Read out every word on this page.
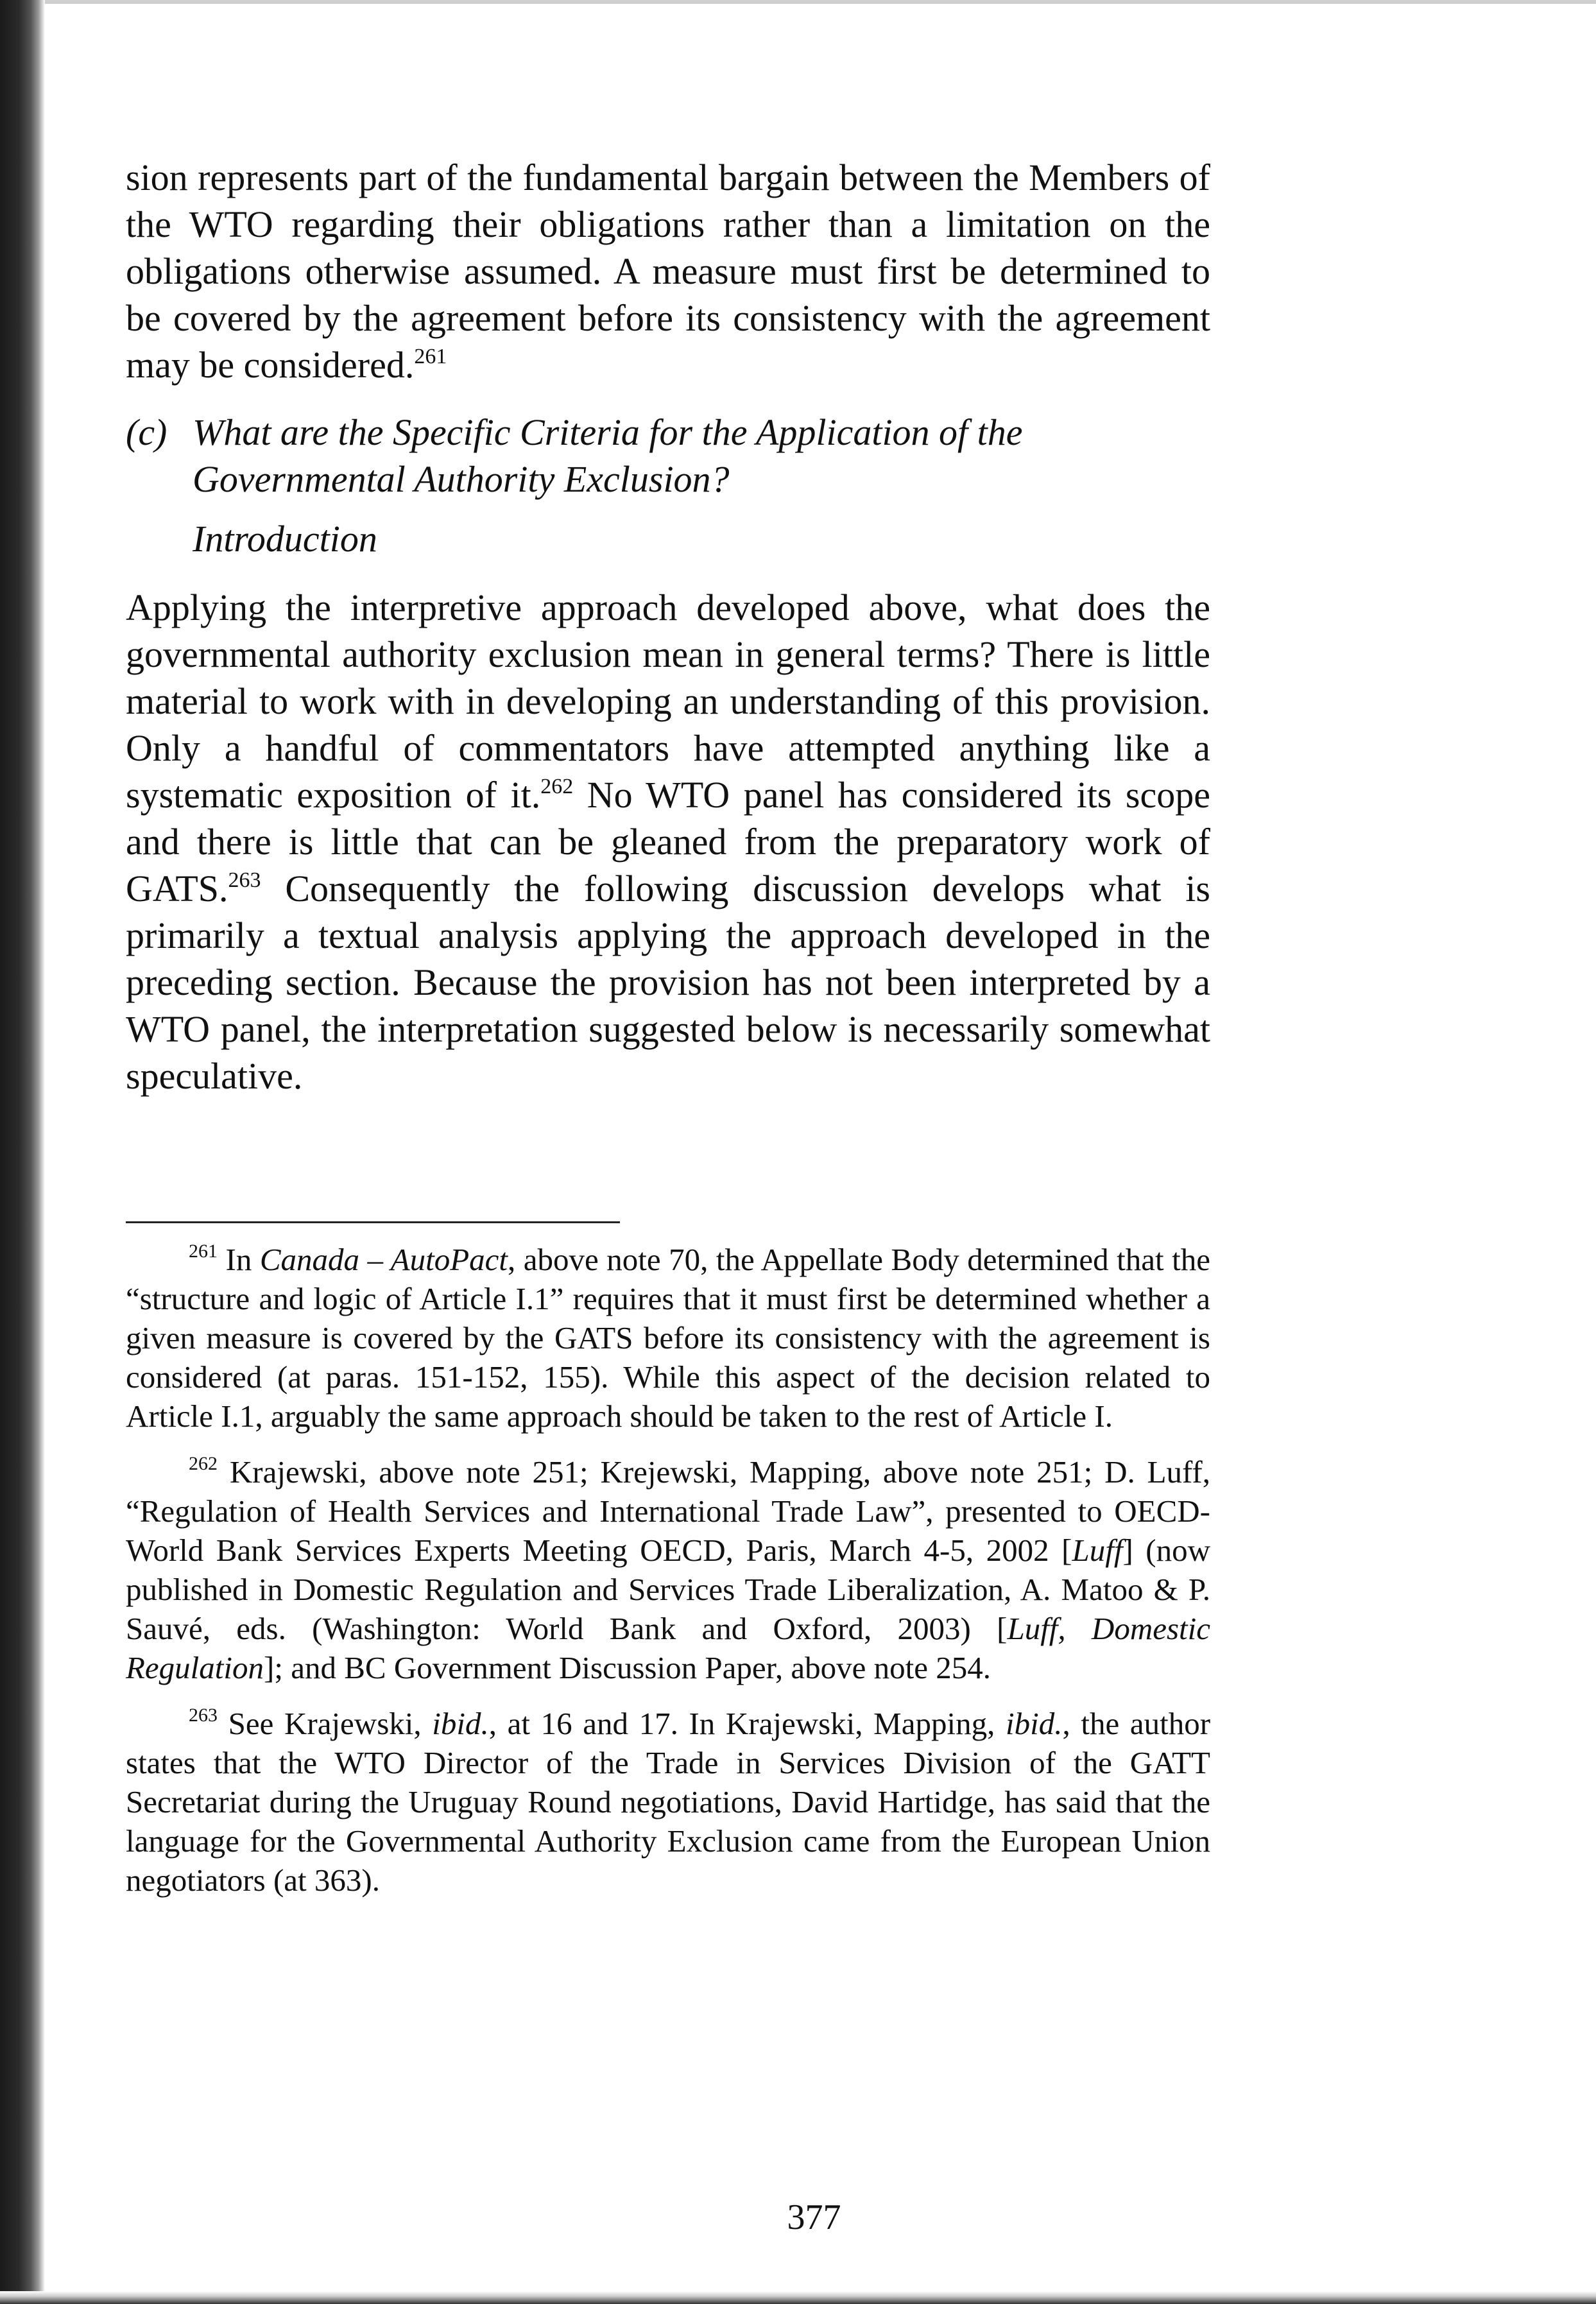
sion represents part of the fundamental bargain between the Members of the WTO regarding their obligations rather than a limitation on the obligations otherwise assumed. A measure must first be determined to be covered by the agreement before its consistency with the agreement may be considered.$^{261}$

(c) What are the Specific Criteria for the Application of the Governmental Authority Exclusion?

Introduction

Applying the interpretive approach developed above, what does the governmental authority exclusion mean in general terms? There is little material to work with in developing an understanding of this provision. Only a handful of commentators have attempted anything like a systematic exposition of it.$^{262}$ No WTO panel has considered its scope and there is little that can be gleaned from the preparatory work of GATS.$^{263}$ Consequently the following discussion develops what is primarily a textual analysis applying the approach developed in the preceding section. Because the provision has not been interpreted by a WTO panel, the interpretation suggested below is necessarily somewhat speculative.

$^{261}$ In Canada – AutoPact, above note 70, the Appellate Body determined that the “structure and logic of Article I.1” requires that it must first be determined whether a given measure is covered by the GATS before its consistency with the agreement is considered (at paras. 151-152, 155). While this aspect of the decision related to Article I.1, arguably the same approach should be taken to the rest of Article I.

$^{262}$ Krajewski, above note 251; Krejewski, Mapping, above note 251; D. Luff, “Regulation of Health Services and International Trade Law”, presented to OECD-World Bank Services Experts Meeting OECD, Paris, March 4-5, 2002 [Luff] (now published in Domestic Regulation and Services Trade Liberalization, A. Matoo & P. Sauvé, eds. (Washington: World Bank and Oxford, 2003) [Luff, Domestic Regulation]; and BC Government Discussion Paper, above note 254.

$^{263}$ See Krajewski, ibid., at 16 and 17. In Krajewski, Mapping, ibid., the author states that the WTO Director of the Trade in Services Division of the GATT Secretariat during the Uruguay Round negotiations, David Hartidge, has said that the language for the Governmental Authority Exclusion came from the European Union negotiators (at 363).

377
